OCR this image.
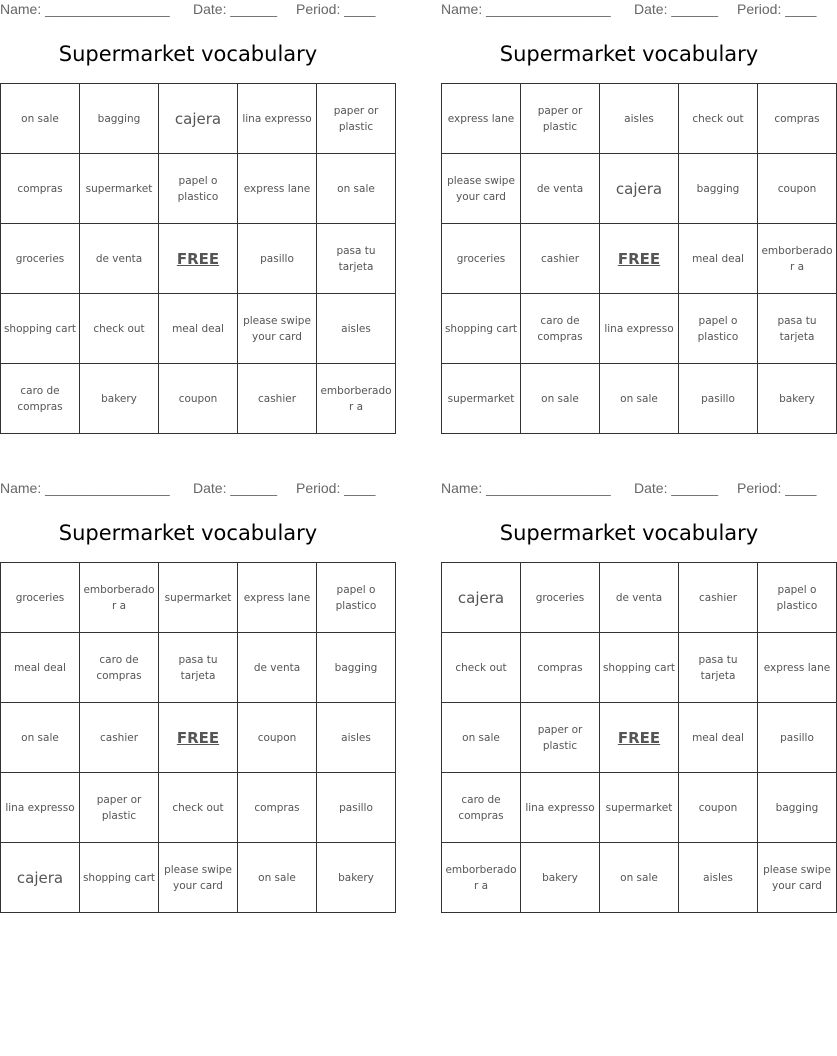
Name: ________________ Date: ______ Period: ____
Supermarket vocabulary
on sale	bagging	cajera	lina expresso	paper or plastic
compras	supermarket	papel o plastico	express lane	on sale
groceries	de venta	FREE	pasillo	pasa tu tarjeta
shopping cart	check out	meal deal	please swipe your card	aisles
caro de compras	bakery	coupon	cashier	emborberador a
Name: ________________ Date: ______ Period: ____
Supermarket vocabulary
express lane	paper or plastic	aisles	check out	compras
please swipe your card	de venta	cajera	bagging	coupon
groceries	cashier	FREE	meal deal	emborberador a
shopping cart	caro de compras	lina expresso	papel o plastico	pasa tu tarjeta
supermarket	on sale	on sale	pasillo	bakery
Name: ________________ Date: ______ Period: ____
Supermarket vocabulary
groceries	emborberador a	supermarket	express lane	papel o plastico
meal deal	caro de compras	pasa tu tarjeta	de venta	bagging
on sale	cashier	FREE	coupon	aisles
lina expresso	paper or plastic	check out	compras	pasillo
cajera	shopping cart	please swipe your card	on sale	bakery
Name: ________________ Date: ______ Period: ____
Supermarket vocabulary
cajera	groceries	de venta	cashier	papel o plastico
check out	compras	shopping cart	pasa tu tarjeta	express lane
on sale	paper or plastic	FREE	meal deal	pasillo
caro de compras	lina expresso	supermarket	coupon	bagging
emborberador a	bakery	on sale	aisles	please swipe your card
